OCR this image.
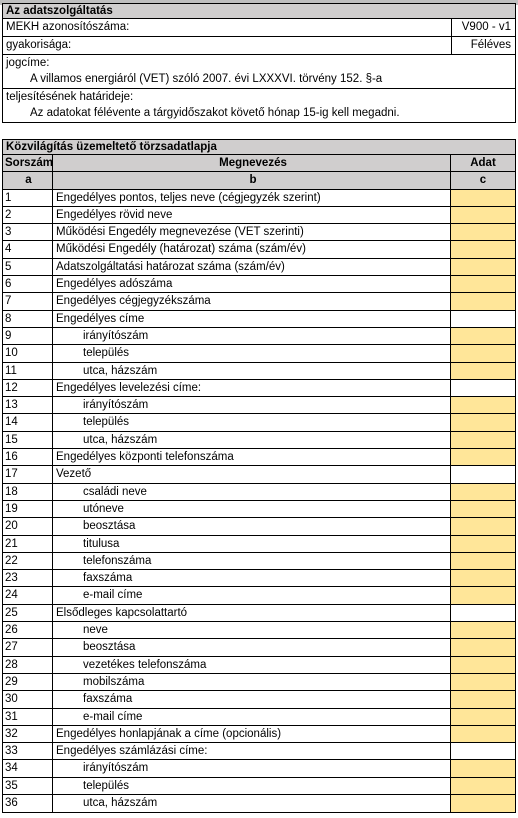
Az adatszolgáltatás
MEKH azonosítószáma:	V900 - v1
gyakorisága:	Féléves
jogcíme:
A villamos energiáról (VET) szóló 2007. évi LXXXVI. törvény 152. §-a
teljesítésének határideje:
Az adatokat félévente a tárgyidőszakot követő hónap 15-ig kell megadni.
Közvilágítás üzemeltető törzsadatlapja
Sorszám	Megnevezés	Adat
a	b	c
1	Engedélyes pontos, teljes neve (cégjegyzék szerint)
2	Engedélyes rövid neve
3	Működési Engedély megnevezése (VET szerinti)
4	Működési Engedély (határozat) száma (szám/év)
5	Adatszolgáltatási határozat száma (szám/év)
6	Engedélyes adószáma
7	Engedélyes cégjegyzékszáma
8	Engedélyes címe
9	irányítószám
10	település
11	utca, házszám
12	Engedélyes levelezési címe:
13	irányítószám
14	település
15	utca, házszám
16	Engedélyes központi telefonszáma
17	Vezető
18	családi neve
19	utóneve
20	beosztása
21	titulusa
22	telefonszáma
23	faxszáma
24	e-mail címe
25	Elsődleges kapcsolattartó
26	neve
27	beosztása
28	vezetékes telefonszáma
29	mobilszáma
30	faxszáma
31	e-mail címe
32	Engedélyes honlapjának a címe (opcionális)
33	Engedélyes számlázási címe:
34	irányítószám
35	település
36	utca, házszám
